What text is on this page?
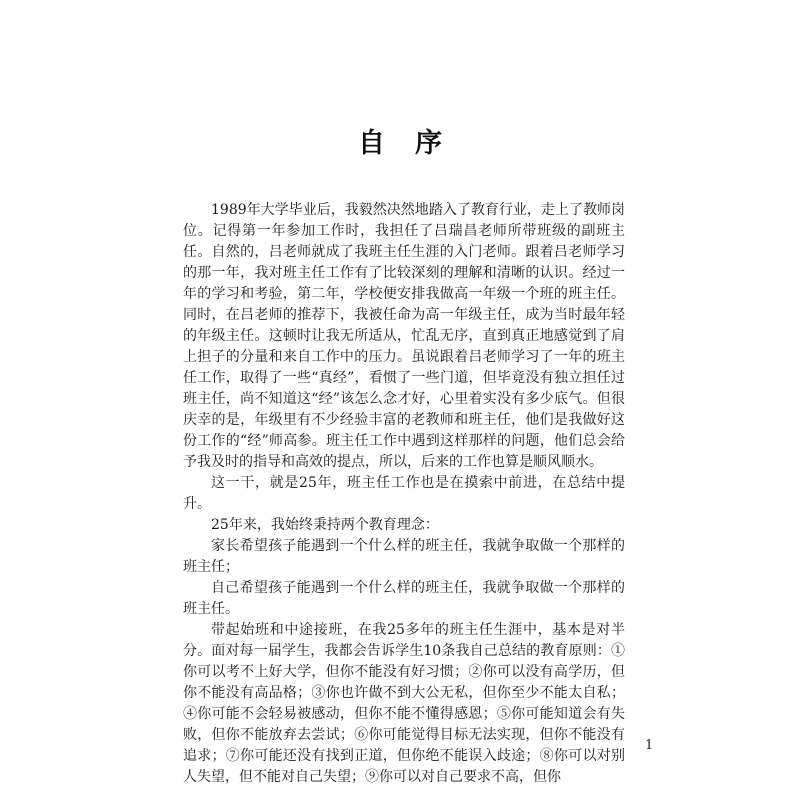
自序

1989年大学毕业后，我毅然决然地踏入了教育行业，走上了教师岗位。记得第一年参加工作时，我担任了吕瑞昌老师所带班级的副班主任。自然的，吕老师就成了我班主任生涯的入门老师。跟着吕老师学习的那一年，我对班主任工作有了比较深刻的理解和清晰的认识。经过一年的学习和考验，第二年，学校便安排我做高一年级一个班的班主任。同时，在吕老师的推荐下，我被任命为高一年级主任，成为当时最年轻的年级主任。这顿时让我无所适从，忙乱无序，直到真正地感觉到了肩上担子的分量和来自工作中的压力。虽说跟着吕老师学习了一年的班主任工作，取得了一些“真经”，看惯了一些门道，但毕竟没有独立担任过班主任，尚不知道这“经”该怎么念才好，心里着实没有多少底气。但很庆幸的是，年级里有不少经验丰富的老教师和班主任，他们是我做好这份工作的“经”师高参。班主任工作中遇到这样那样的问题，他们总会给予我及时的指导和高效的提点，所以，后来的工作也算是顺风顺水。

这一干，就是25年，班主任工作也是在摸索中前进，在总结中提升。

25年来，我始终秉持两个教育理念：

家长希望孩子能遇到一个什么样的班主任，我就争取做一个那样的班主任；

自己希望孩子能遇到一个什么样的班主任，我就争取做一个那样的班主任。

带起始班和中途接班，在我25多年的班主任生涯中，基本是对半分。面对每一届学生，我都会告诉学生10条我自己总结的教育原则：①你可以考不上好大学，但你不能没有好习惯；②你可以没有高学历，但你不能没有高品格；③你也许做不到大公无私，但你至少不能太自私；④你可能不会轻易被感动，但你不能不懂得感恩；⑤你可能知道会有失败，但你不能放弃去尝试；⑥你可能觉得目标无法实现，但你不能没有追求；⑦你可能还没有找到正道，但你绝不能误入歧途；⑧你可以对别人失望，但不能对自己失望；⑨你可以对自己要求不高，但你

1
